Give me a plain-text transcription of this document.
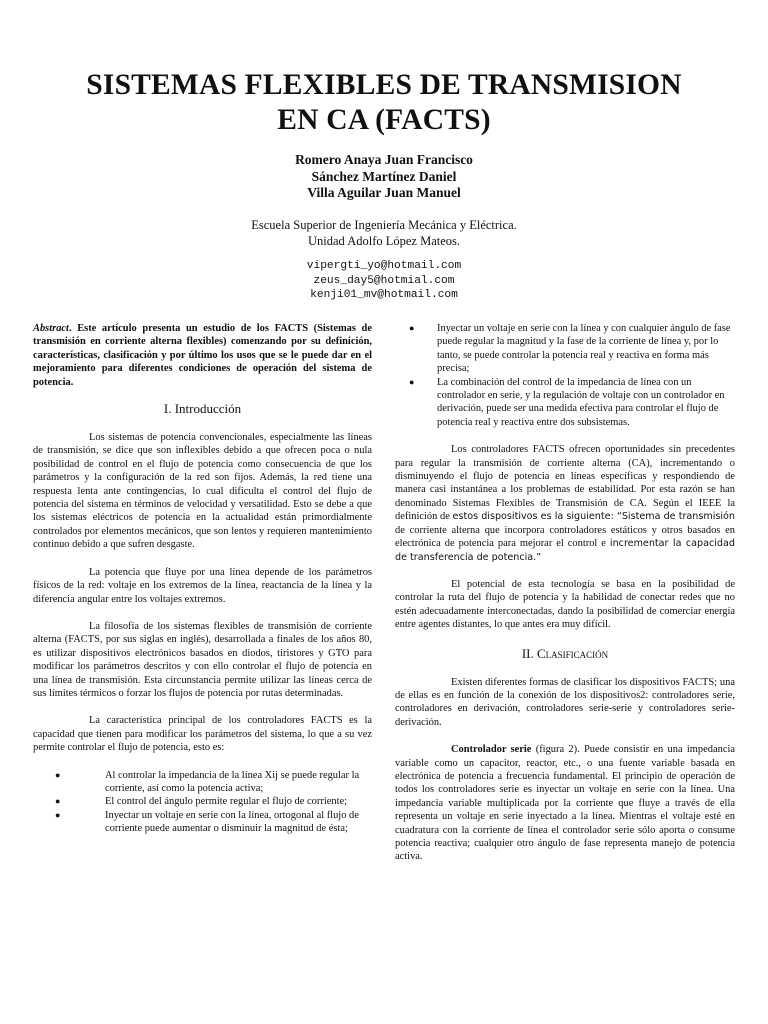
SISTEMAS FLEXIBLES DE TRANSMISION
EN CA (FACTS)
Romero Anaya Juan Francisco
Sánchez Martínez Daniel
Villa Aguilar Juan Manuel
Escuela Superior de Ingeniería Mecánica y Eléctrica.
Unidad Adolfo López Mateos.
vipergti_yo@hotmail.com
zeus_day5@hotmial.com
kenji01_mv@hotmail.com

Abstract. Este artículo presenta un estudio de los FACTS (Sistemas de transmisión en corriente alterna flexibles) comenzando por su definición, características, clasificación y por último los usos que se le puede dar en el mejoramiento para diferentes condiciones de operación del sistema de potencia.

I. Introducción

Los sistemas de potencia convencionales, especialmente las líneas de transmisión, se dice que son inflexibles debido a que ofrecen poca o nula posibilidad de control en el flujo de potencia como consecuencia de que los parámetros y la configuración de la red son fijos. Además, la red tiene una respuesta lenta ante contingencias, lo cual dificulta el control del flujo de potencia del sistema en términos de velocidad y versatilidad. Esto se debe a que los sistemas eléctricos de potencia en la actualidad están primordialmente controlados por elementos mecánicos, que son lentos y requieren mantenimiento continuo debido a que sufren desgaste.

La potencia que fluye por una línea depende de los parámetros físicos de la red: voltaje en los extremos de la línea, reactancia de la línea y la diferencia angular entre los voltajes extremos.

La filosofía de los sistemas flexibles de transmisión de corriente alterna (FACTS, por sus siglas en inglés), desarrollada a finales de los años 80, es utilizar dispositivos electrónicos basados en diodos, tiristores y GTO para modificar los parámetros descritos y con ello controlar el flujo de potencia en una línea de transmisión. Esta circunstancia permite utilizar las líneas cerca de sus límites térmicos o forzar los flujos de potencia por rutas determinadas.

La característica principal de los controladores FACTS es la capacidad que tienen para modificar los parámetros del sistema, lo que a su vez permite controlar el flujo de potencia, esto es:

●	Al controlar la impedancia de la línea Xij se puede regular la corriente, así como la potencia activa;
●	El control del ángulo permite regular el flujo de corriente;
●	Inyectar un voltaje en serie con la línea, ortogonal al flujo de corriente puede aumentar o disminuir la magnitud de ésta;
● Inyectar un voltaje en serie con la línea y con cualquier ángulo de fase puede regular la magnitud y la fase de la corriente de línea y, por lo tanto, se puede controlar la potencia real y reactiva en forma más precisa;
● La combinación del control de la impedancia de línea con un controlador en serie, y la regulación de voltaje con un controlador en derivación, puede ser una medida efectiva para controlar el flujo de potencia real y reactiva entre dos subsistemas.

Los controladores FACTS ofrecen oportunidades sin precedentes para regular la transmisión de corriente alterna (CA), incrementando o disminuyendo el flujo de potencia en líneas específicas y respondiendo de manera casi instantánea a los problemas de estabilidad. Por esta razón se han denominado Sistemas Flexibles de Transmisión de CA. Según el IEEE la definición de estos dispositivos es la siguiente: “Sistema de transmisión de corriente alterna que incorpora controladores estáticos y otros basados en electrónica de potencia para mejorar el control e incrementar la capacidad de transferencia de potencia.”

El potencial de esta tecnología se basa en la posibilidad de controlar la ruta del flujo de potencia y la habilidad de conectar redes que no estén adecuadamente interconectadas, dando la posibilidad de comerciar energía entre agentes distantes, lo que antes era muy difícil.

II. Clasificación

Existen diferentes formas de clasificar los dispositivos FACTS; una de ellas es en función de la conexión de los dispositivos2: controladores serie, controladores en derivación, controladores serie-serie y controladores serie-derivación.

Controlador serie (figura 2). Puede consistir en una impedancia variable como un capacitor, reactor, etc., o una fuente variable basada en electrónica de potencia a frecuencia fundamental. El principio de operación de todos los controladores serie es inyectar un voltaje en serie con la línea. Una impedancia variable multiplicada por la corriente que fluye a través de ella representa un voltaje en serie inyectado a la línea. Mientras el voltaje esté en cuadratura con la corriente de línea el controlador serie sólo aporta o consume potencia reactiva; cualquier otro ángulo de fase representa manejo de potencia activa.
